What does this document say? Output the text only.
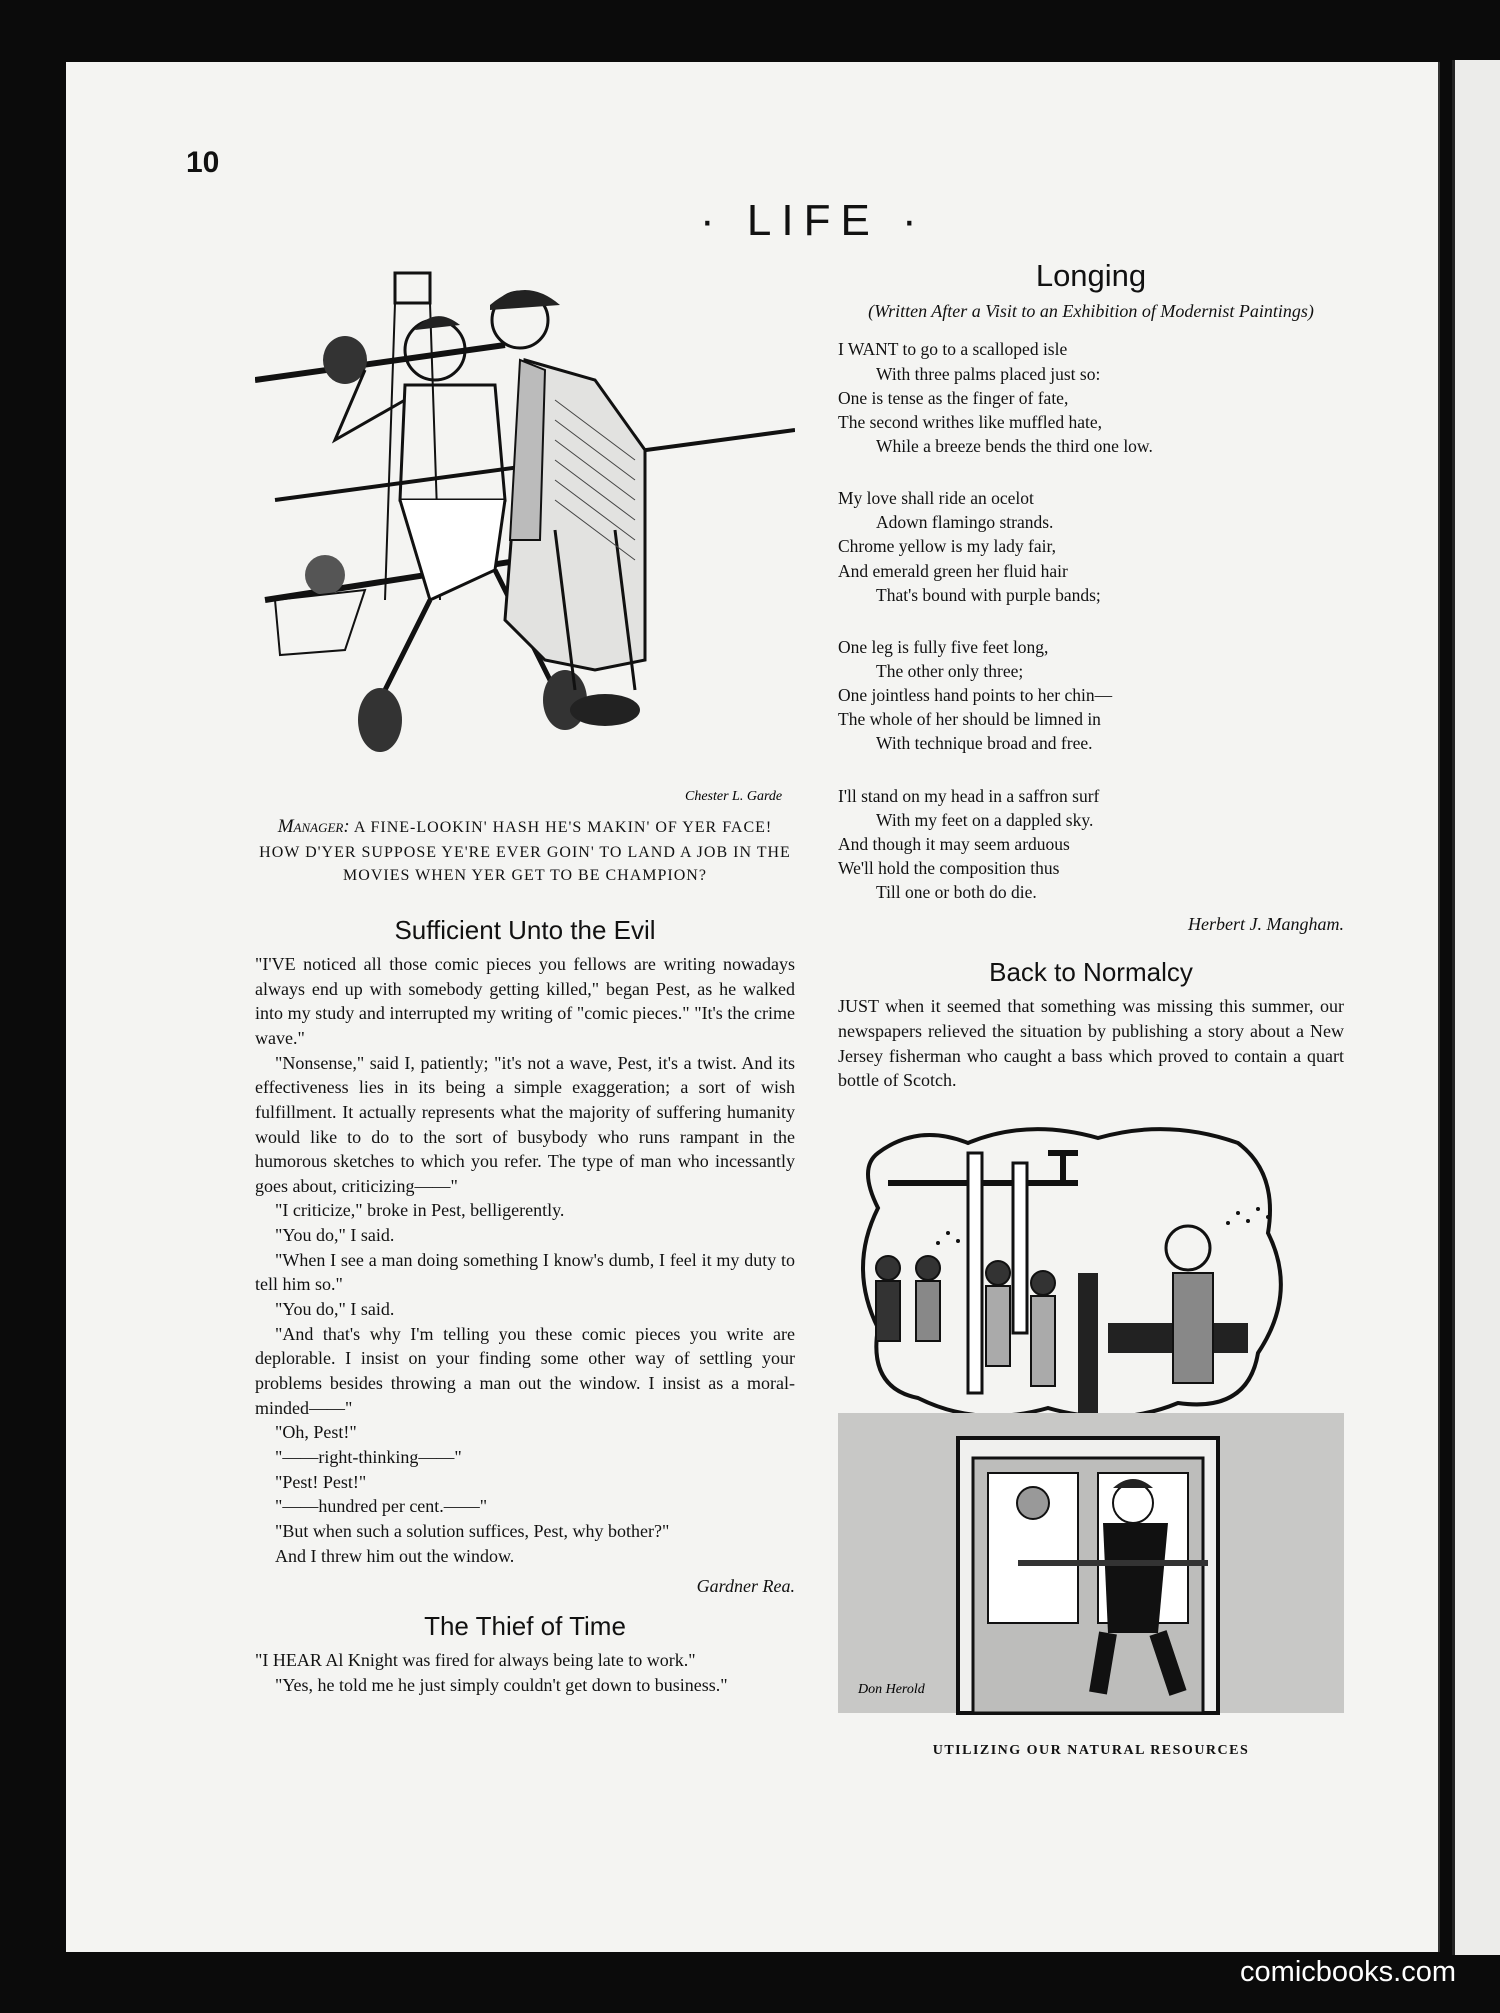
10
· LIFE ·
Chester L. Garde
Manager: A FINE-LOOKIN' HASH HE'S MAKIN' OF YER FACE! HOW D'YER SUPPOSE YE'RE EVER GOIN' TO LAND A JOB IN THE MOVIES WHEN YER GET TO BE CHAMPION?
Sufficient Unto the Evil

"I'VE noticed all those comic pieces you fellows are writing nowadays always end up with somebody getting killed," began Pest, as he walked into my study and interrupted my writing of "comic pieces." "It's the crime wave."

"Nonsense," said I, patiently; "it's not a wave, Pest, it's a twist. And its effectiveness lies in its being a simple exaggeration; a sort of wish fulfillment. It actually represents what the majority of suffering humanity would like to do to the sort of busybody who runs rampant in the humorous sketches to which you refer. The type of man who incessantly goes about, criticizing——"

"I criticize," broke in Pest, belligerently.

"You do," I said.

"When I see a man doing something I know's dumb, I feel it my duty to tell him so."

"You do," I said.

"And that's why I'm telling you these comic pieces you write are deplorable. I insist on your finding some other way of settling your problems besides throwing a man out the window. I insist as a moral-minded——"

"Oh, Pest!"

"——right-thinking——"

"Pest! Pest!"

"——hundred per cent.——"

"But when such a solution suffices, Pest, why bother?"

And I threw him out the window.

Gardner Rea.
The Thief of Time

"I HEAR Al Knight was fired for always being late to work."

"Yes, he told me he just simply couldn't get down to business."

Longing
(Written After a Visit to an Exhibition of Modernist Paintings)
I WANT to go to a scalloped isle
With three palms placed just so:
One is tense as the finger of fate,
The second writhes like muffled hate,
While a breeze bends the third one low.
My love shall ride an ocelot
Adown flamingo strands.
Chrome yellow is my lady fair,
And emerald green her fluid hair
That's bound with purple bands;
One leg is fully five feet long,
The other only three;
One jointless hand points to her chin—
The whole of her should be limned in
With technique broad and free.
I'll stand on my head in a saffron surf
With my feet on a dappled sky.
And though it may seem arduous
We'll hold the composition thus
Till one or both do die.
Herbert J. Mangham.
Back to Normalcy

JUST when it seemed that something was missing this summer, our newspapers relieved the situation by publishing a story about a New Jersey fisherman who caught a bass which proved to contain a quart bottle of Scotch.

Don Herold
UTILIZING OUR NATURAL RESOURCES
comicbooks.com
